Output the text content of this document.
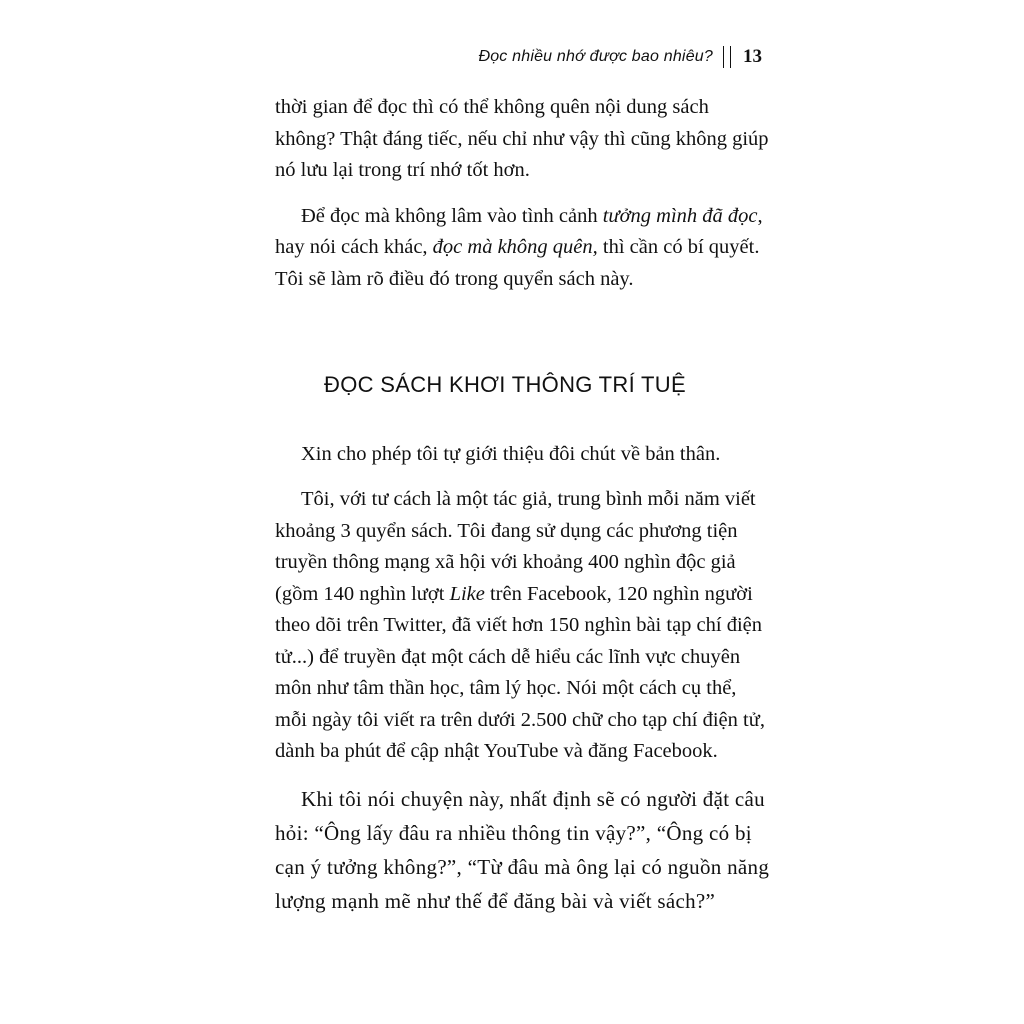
Đọc nhiều nhớ được bao nhiêu? 13

thời gian để đọc thì có thể không quên nội dung sách không? Thật đáng tiếc, nếu chỉ như vậy thì cũng không giúp nó lưu lại trong trí nhớ tốt hơn.

Để đọc mà không lâm vào tình cảnh tưởng mình đã đọc, hay nói cách khác, đọc mà không quên, thì cần có bí quyết. Tôi sẽ làm rõ điều đó trong quyển sách này.

ĐỌC SÁCH KHƠI THÔNG TRÍ TUỆ

Xin cho phép tôi tự giới thiệu đôi chút về bản thân.

Tôi, với tư cách là một tác giả, trung bình mỗi năm viết khoảng 3 quyển sách. Tôi đang sử dụng các phương tiện truyền thông mạng xã hội với khoảng 400 nghìn độc giả (gồm 140 nghìn lượt Like trên Facebook, 120 nghìn người theo dõi trên Twitter, đã viết hơn 150 nghìn bài tạp chí điện tử...) để truyền đạt một cách dễ hiểu các lĩnh vực chuyên môn như tâm thần học, tâm lý học. Nói một cách cụ thể, mỗi ngày tôi viết ra trên dưới 2.500 chữ cho tạp chí điện tử, dành ba phút để cập nhật YouTube và đăng Facebook.

Khi tôi nói chuyện này, nhất định sẽ có người đặt câu hỏi: “Ông lấy đâu ra nhiều thông tin vậy?”, “Ông có bị cạn ý tưởng không?”, “Từ đâu mà ông lại có nguồn năng lượng mạnh mẽ như thế để đăng bài và viết sách?”
